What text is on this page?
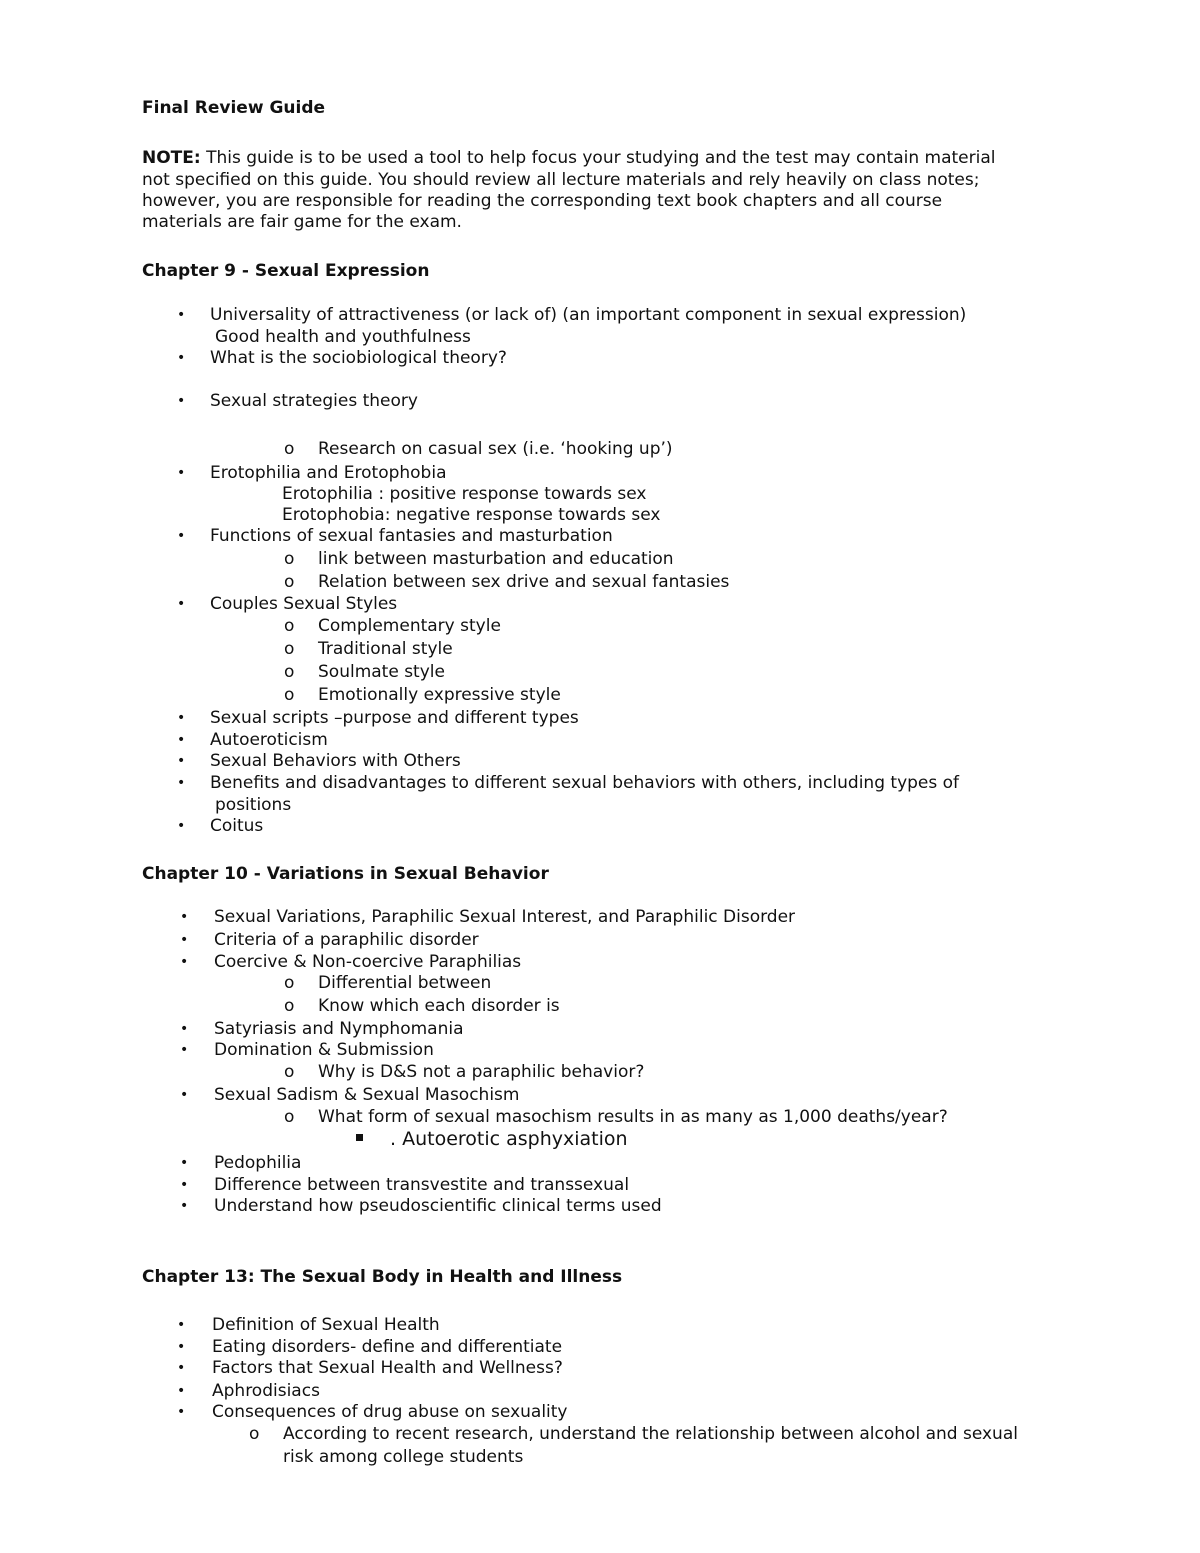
Final Review Guide
NOTE: This guide is to be used a tool to help focus your studying and the test may contain material
not specified on this guide. You should review all lecture materials and rely heavily on class notes;
however, you are responsible for reading the corresponding text book chapters and all course
materials are fair game for the exam.
Chapter 9 - Sexual Expression
• Universality of attractiveness (or lack of) (an important component in sexual expression)
Good health and youthfulness
• What is the sociobiological theory?
• Sexual strategies theory
o Research on casual sex (i.e. ‘hooking up’)
• Erotophilia and Erotophobia
Erotophilia : positive response towards sex
Erotophobia: negative response towards sex
• Functions of sexual fantasies and masturbation
o link between masturbation and education
o Relation between sex drive and sexual fantasies
• Couples Sexual Styles
o Complementary style
o Traditional style
o Soulmate style
o Emotionally expressive style
• Sexual scripts –purpose and different types
• Autoeroticism
• Sexual Behaviors with Others
• Benefits and disadvantages to different sexual behaviors with others, including types of
positions
• Coitus
Chapter 10 - Variations in Sexual Behavior
• Sexual Variations, Paraphilic Sexual Interest, and Paraphilic Disorder
• Criteria of a paraphilic disorder
• Coercive & Non-coercive Paraphilias
o Differential between
o Know which each disorder is
• Satyriasis and Nymphomania
• Domination & Submission
o Why is D&S not a paraphilic behavior?
• Sexual Sadism & Sexual Masochism
o What form of sexual masochism results in as many as 1,000 deaths/year?
. Autoerotic asphyxiation
• Pedophilia
• Difference between transvestite and transsexual
• Understand how pseudoscientific clinical terms used
Chapter 13: The Sexual Body in Health and Illness
• Definition of Sexual Health
• Eating disorders- define and differentiate
• Factors that Sexual Health and Wellness?
• Aphrodisiacs
• Consequences of drug abuse on sexuality
o According to recent research, understand the relationship between alcohol and sexual
risk among college students
